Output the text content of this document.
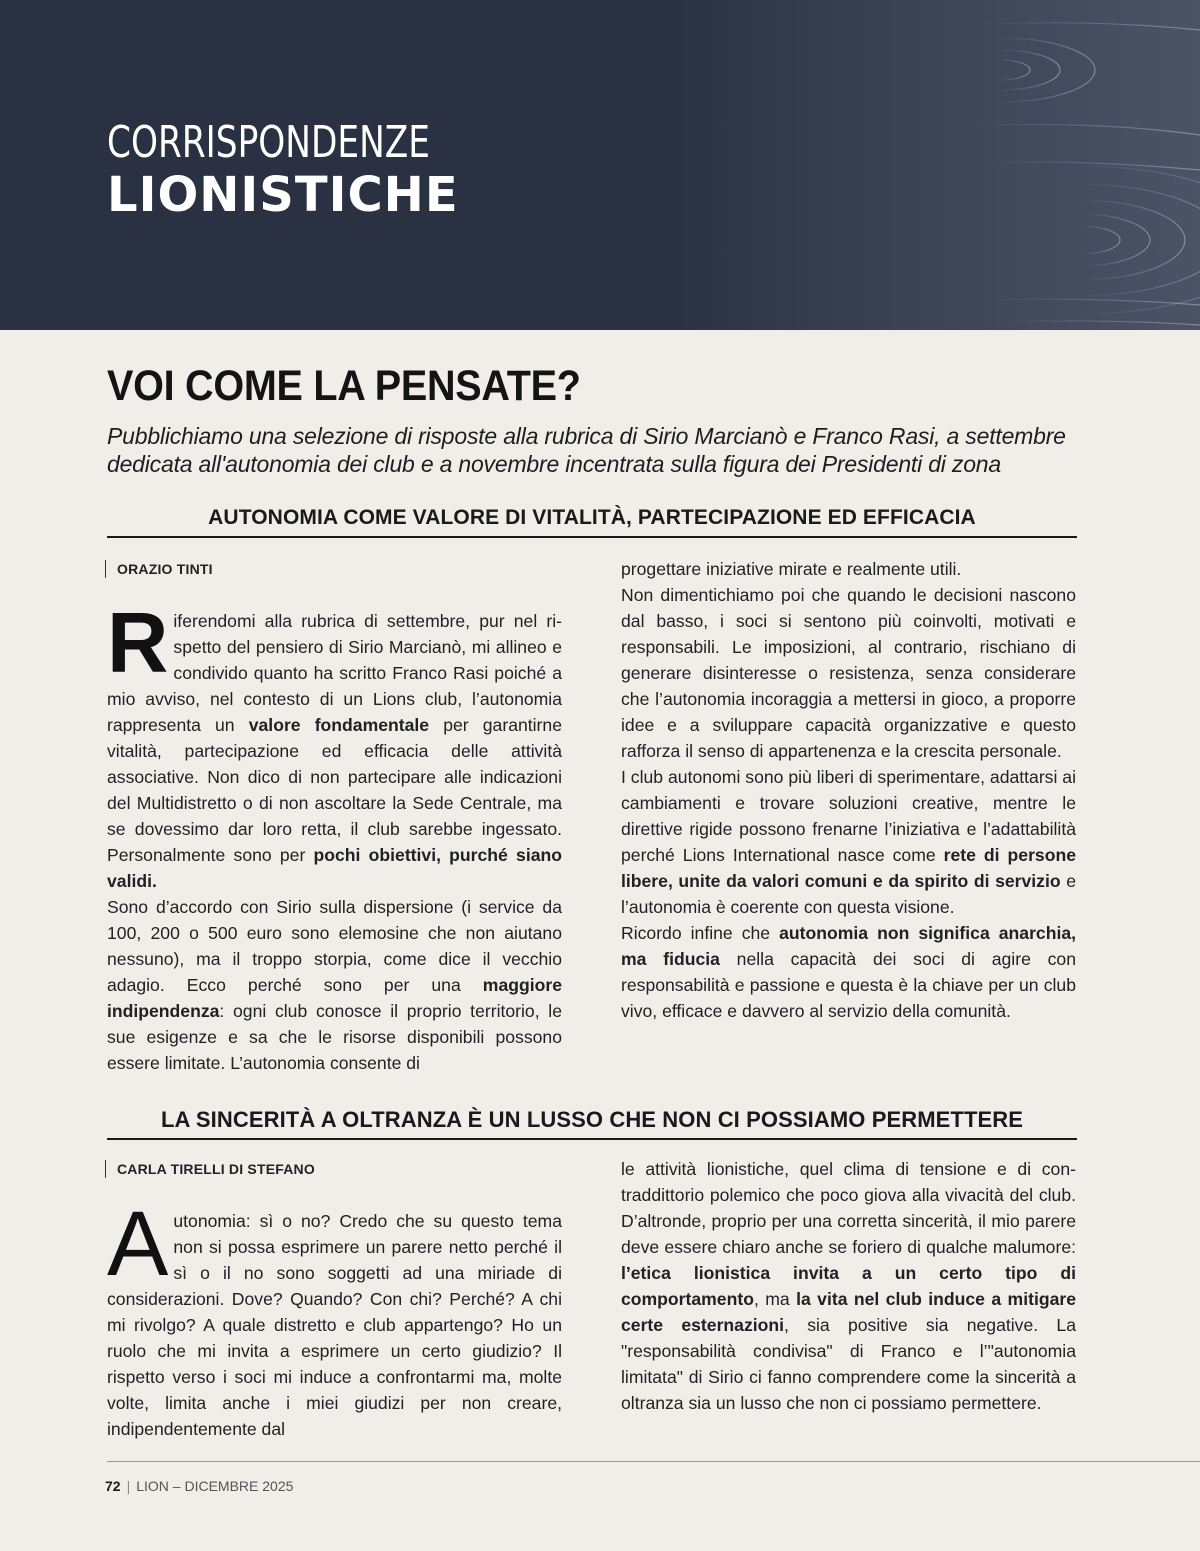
CORRISPONDENZE
LIONISTICHE
VOI COME LA PENSATE?

Pubblichiamo una selezione di risposte alla rubrica di Sirio Marcianò e Franco Rasi, a settembre dedicata all'autonomia dei club e a novembre incentrata sulla figura dei Presidenti di zona

AUTONOMIA COME VALORE DI VITALITÀ, PARTECIPAZIONE ED EFFICACIA
ORAZIO TINTI

Riferendomi alla rubrica di settembre, pur nel rispetto del pensiero di Sirio Marcianò, mi allineo e condivido quanto ha scritto Franco Rasi poiché a mio avviso, nel contesto di un Lions club, l’autonomia rappresenta un valore fondamentale per garantirne vitalità, partecipazione ed efficacia delle attività associative. Non dico di non partecipare alle indicazioni del Multidistretto o di non ascoltare la Sede Centrale, ma se dovessimo dar loro retta, il club sarebbe ingessato. Personalmente sono per pochi obiettivi, purché siano validi.

Sono d’accordo con Sirio sulla dispersione (i service da 100, 200 o 500 euro sono elemosine che non aiutano nessuno), ma il troppo storpia, come dice il vecchio adagio. Ecco perché sono per una maggiore indipendenza: ogni club conosce il proprio territorio, le sue esigenze e sa che le risorse disponibili possono essere limitate. L’autonomia consente di

progettare iniziative mirate e realmente utili.

Non dimentichiamo poi che quando le decisioni nascono dal basso, i soci si sentono più coinvolti, motivati e responsabili. Le imposizioni, al contrario, rischiano di generare disinteresse o resistenza, senza considerare che l’autonomia incoraggia a mettersi in gioco, a proporre idee e a sviluppare capacità organizzative e questo rafforza il senso di appartenenza e la crescita personale.

I club autonomi sono più liberi di sperimentare, adattarsi ai cambiamenti e trovare soluzioni creative, mentre le direttive rigide possono frenarne l’iniziativa e l’adattabilità perché Lions International nasce come rete di persone libere, unite da valori comuni e da spirito di servizio e l’autonomia è coerente con questa visione.

Ricordo infine che autonomia non significa anarchia, ma fiducia nella capacità dei soci di agire con responsabilità e passione e questa è la chiave per un club vivo, efficace e davvero al servizio della comunità.

LA SINCERITÀ A OLTRANZA È UN LUSSO CHE NON CI POSSIAMO PERMETTERE
CARLA TIRELLI DI STEFANO

Autonomia: sì o no? Credo che su questo tema non si possa esprimere un parere netto perché il sì o il no sono soggetti ad una miriade di considerazioni. Dove? Quando? Con chi? Perché? A chi mi rivolgo? A quale distretto e club appartengo? Ho un ruolo che mi invita a esprimere un certo giudizio? Il rispetto verso i soci mi induce a confrontarmi ma, molte volte, limita anche i miei giudizi per non creare, indipendentemente dal

le attività lionistiche, quel clima di tensione e di contraddittorio polemico che poco giova alla vivacità del club. D’altronde, proprio per una corretta sincerità, il mio parere deve essere chiaro anche se foriero di qualche malumore: l’etica lionistica invita a un certo tipo di comportamento, ma la vita nel club induce a mitigare certe esternazioni, sia positive sia negative. La "responsabilità condivisa" di Franco e l’"autonomia limitata" di Sirio ci fanno comprendere come la sincerità a oltranza sia un lusso che non ci possiamo permettere.

72 | LION – DICEMBRE 2025
